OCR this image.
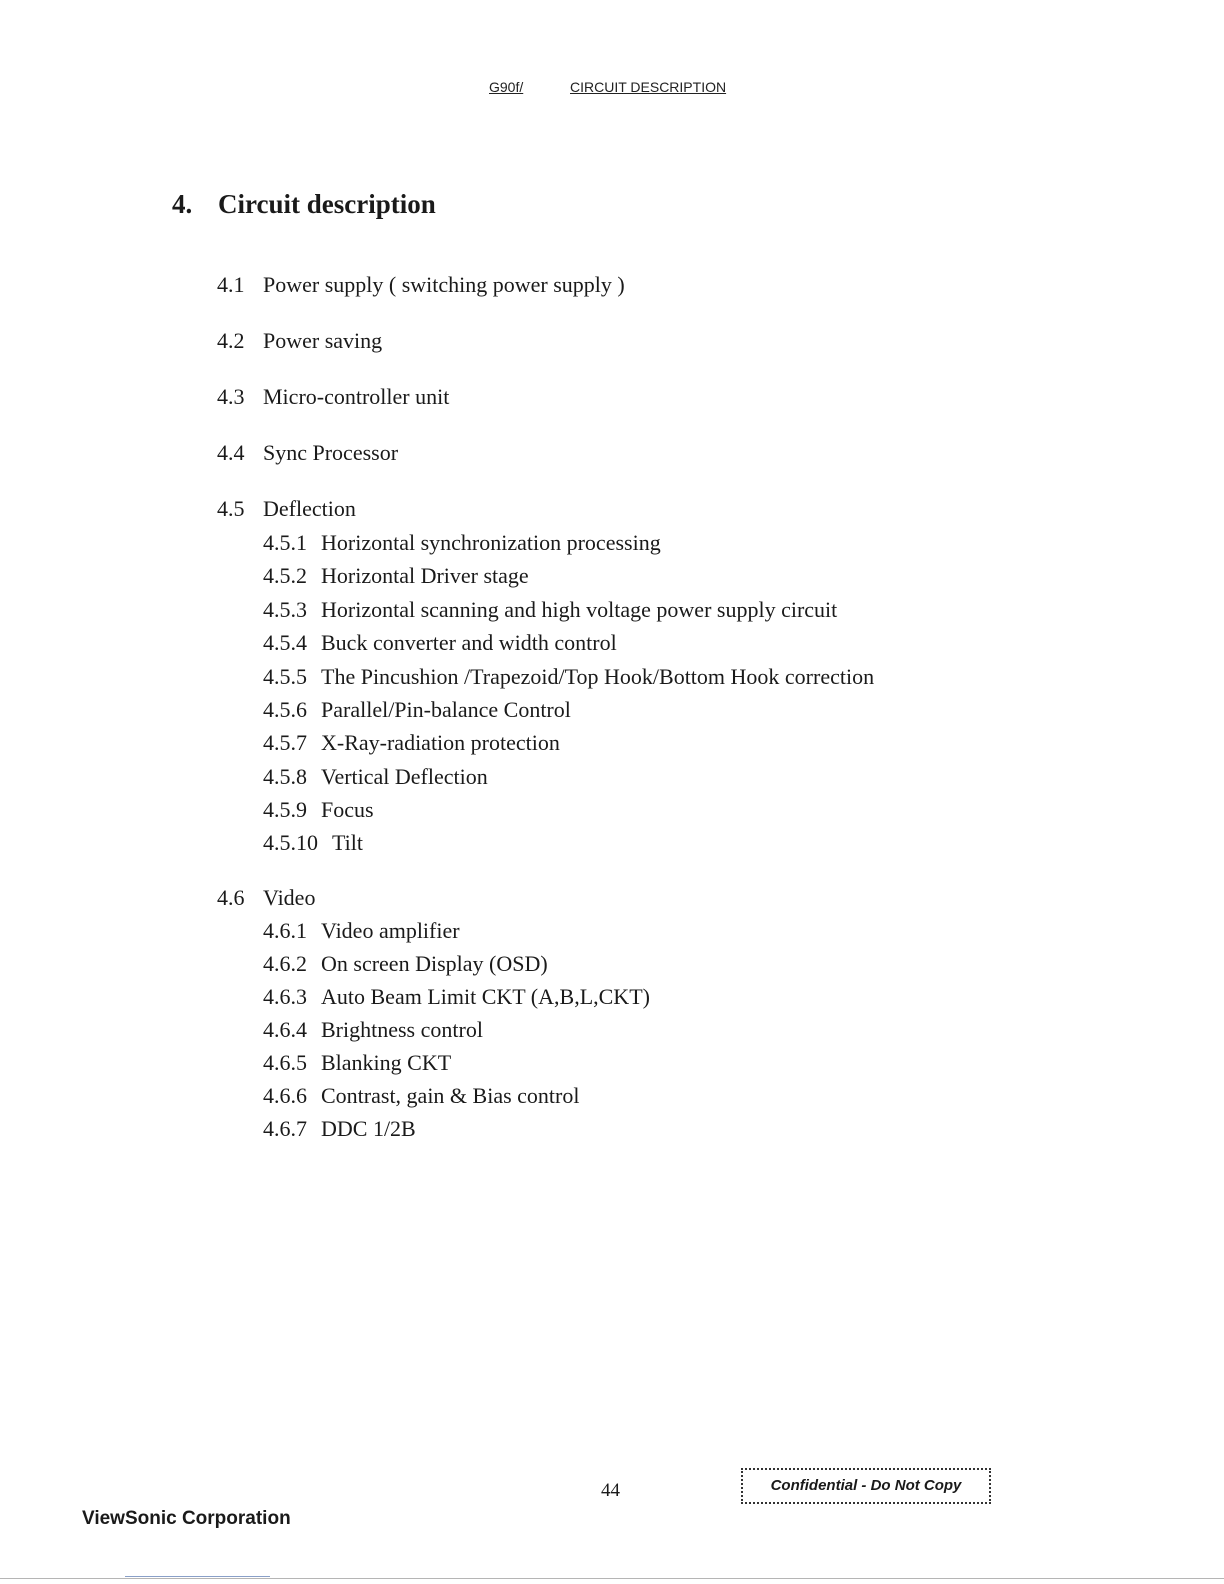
G90f/	CIRCUIT DESCRIPTION
4. Circuit description
4.1 Power supply ( switching power supply )
4.2 Power saving
4.3 Micro-controller unit
4.4 Sync Processor
4.5 Deflection
4.5.1 Horizontal synchronization processing
4.5.2 Horizontal Driver stage
4.5.3 Horizontal scanning and high voltage power supply circuit
4.5.4 Buck converter and width control
4.5.5 The Pincushion /Trapezoid/Top Hook/Bottom Hook correction
4.5.6 Parallel/Pin-balance Control
4.5.7 X-Ray-radiation protection
4.5.8 Vertical Deflection
4.5.9 Focus
4.5.10 Tilt
4.6 Video
4.6.1 Video amplifier
4.6.2 On screen Display (OSD)
4.6.3 Auto Beam Limit CKT (A,B,L,CKT)
4.6.4 Brightness control
4.6.5 Blanking CKT
4.6.6 Contrast, gain & Bias control
4.6.7 DDC 1/2B
44	Confidential - Do Not Copy
ViewSonic Corporation
